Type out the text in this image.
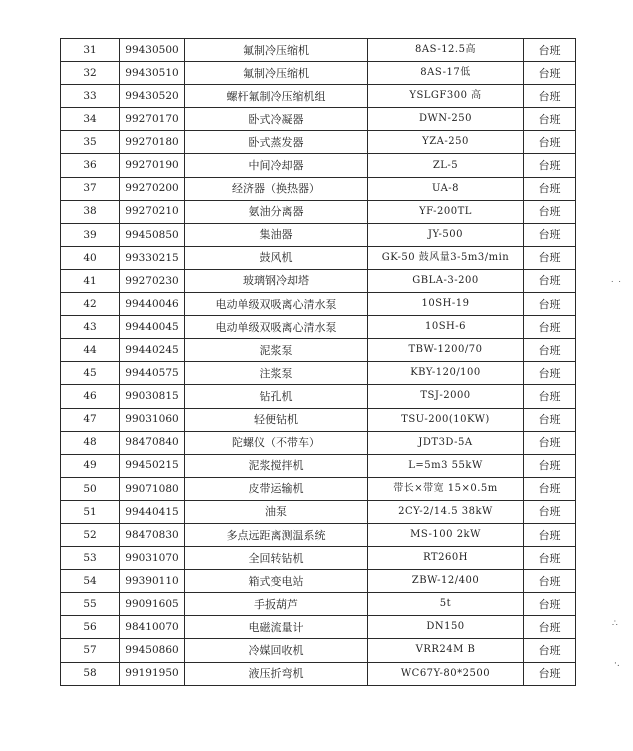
31	99430500	氟制冷压缩机	8AS-12.5高	台班
32	99430510	氟制冷压缩机	8AS-17低	台班
33	99430520	螺杆氟制冷压缩机组	YSLGF300 高	台班
34	99270170	卧式冷凝器	DWN-250	台班
35	99270180	卧式蒸发器	YZA-250	台班
36	99270190	中间冷却器	ZL-5	台班
37	99270200	经济器（换热器）	UA-8	台班
38	99270210	氨油分离器	YF-200TL	台班
39	99450850	集油器	JY-500	台班
40	99330215	鼓风机	GK-50 鼓风量3-5m3/min	台班
41	99270230	玻璃钢冷却塔	GBLA-3-200	台班
42	99440046	电动单级双吸离心清水泵	10SH-19	台班
43	99440045	电动单级双吸离心清水泵	10SH-6	台班
44	99440245	泥浆泵	TBW-1200/70	台班
45	99440575	注浆泵	KBY-120/100	台班
46	99030815	钻孔机	TSJ-2000	台班
47	99031060	轻便钻机	TSU-200(10KW)	台班
48	98470840	陀螺仪（不带车）	JDT3D-5A	台班
49	99450215	泥浆搅拌机	L=5m3 55kW	台班
50	99071080	皮带运输机	带长×带宽 15×0.5m	台班
51	99440415	油泵	2CY-2/14.5 38kW	台班
52	98470830	多点远距离测温系统	MS-100 2kW	台班
53	99031070	全回转钻机	RT260H	台班
54	99390110	箱式变电站	ZBW-12/400	台班
55	99091605	手扳葫芦	5t	台班
56	98410070	电磁流量计	DN150	台班
57	99450860	冷媒回收机	VRR24M B	台班
58	99191950	液压折弯机	WC67Y-80*2500	台班
˙ ˙
∴
·.
